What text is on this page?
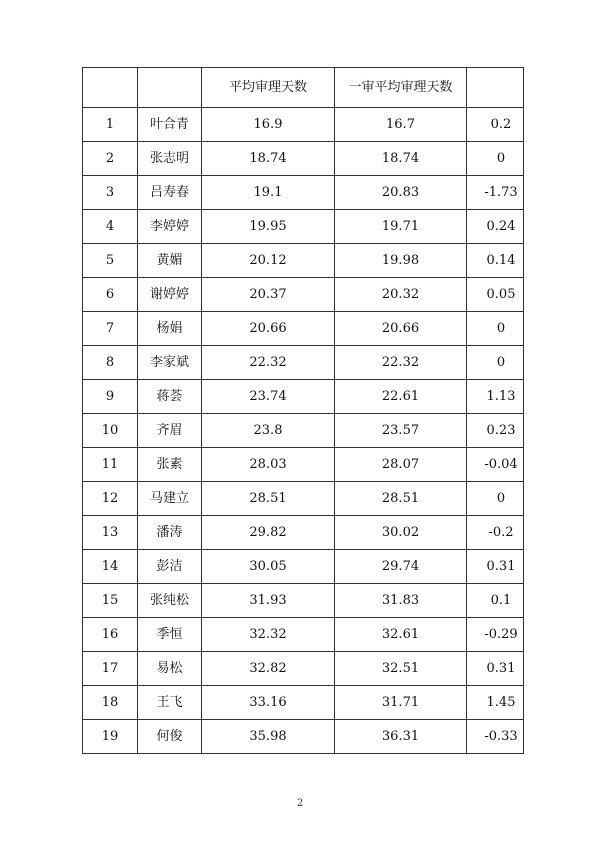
		平均审理天数	一审平均审理天数	
1	叶合青	16.9	16.7	0.2
2	张志明	18.74	18.74	0
3	吕寿春	19.1	20.83	-1.73
4	李婷婷	19.95	19.71	0.24
5	黄媚	20.12	19.98	0.14
6	谢婷婷	20.37	20.32	0.05
7	杨娟	20.66	20.66	0
8	李家斌	22.32	22.32	0
9	蒋荟	23.74	22.61	1.13
10	齐眉	23.8	23.57	0.23
11	张素	28.03	28.07	-0.04
12	马建立	28.51	28.51	0
13	潘涛	29.82	30.02	-0.2
14	彭洁	30.05	29.74	0.31
15	张纯松	31.93	31.83	0.1
16	季恒	32.32	32.61	-0.29
17	易松	32.82	32.51	0.31
18	王飞	33.16	31.71	1.45
19	何俊	35.98	36.31	-0.33
2
